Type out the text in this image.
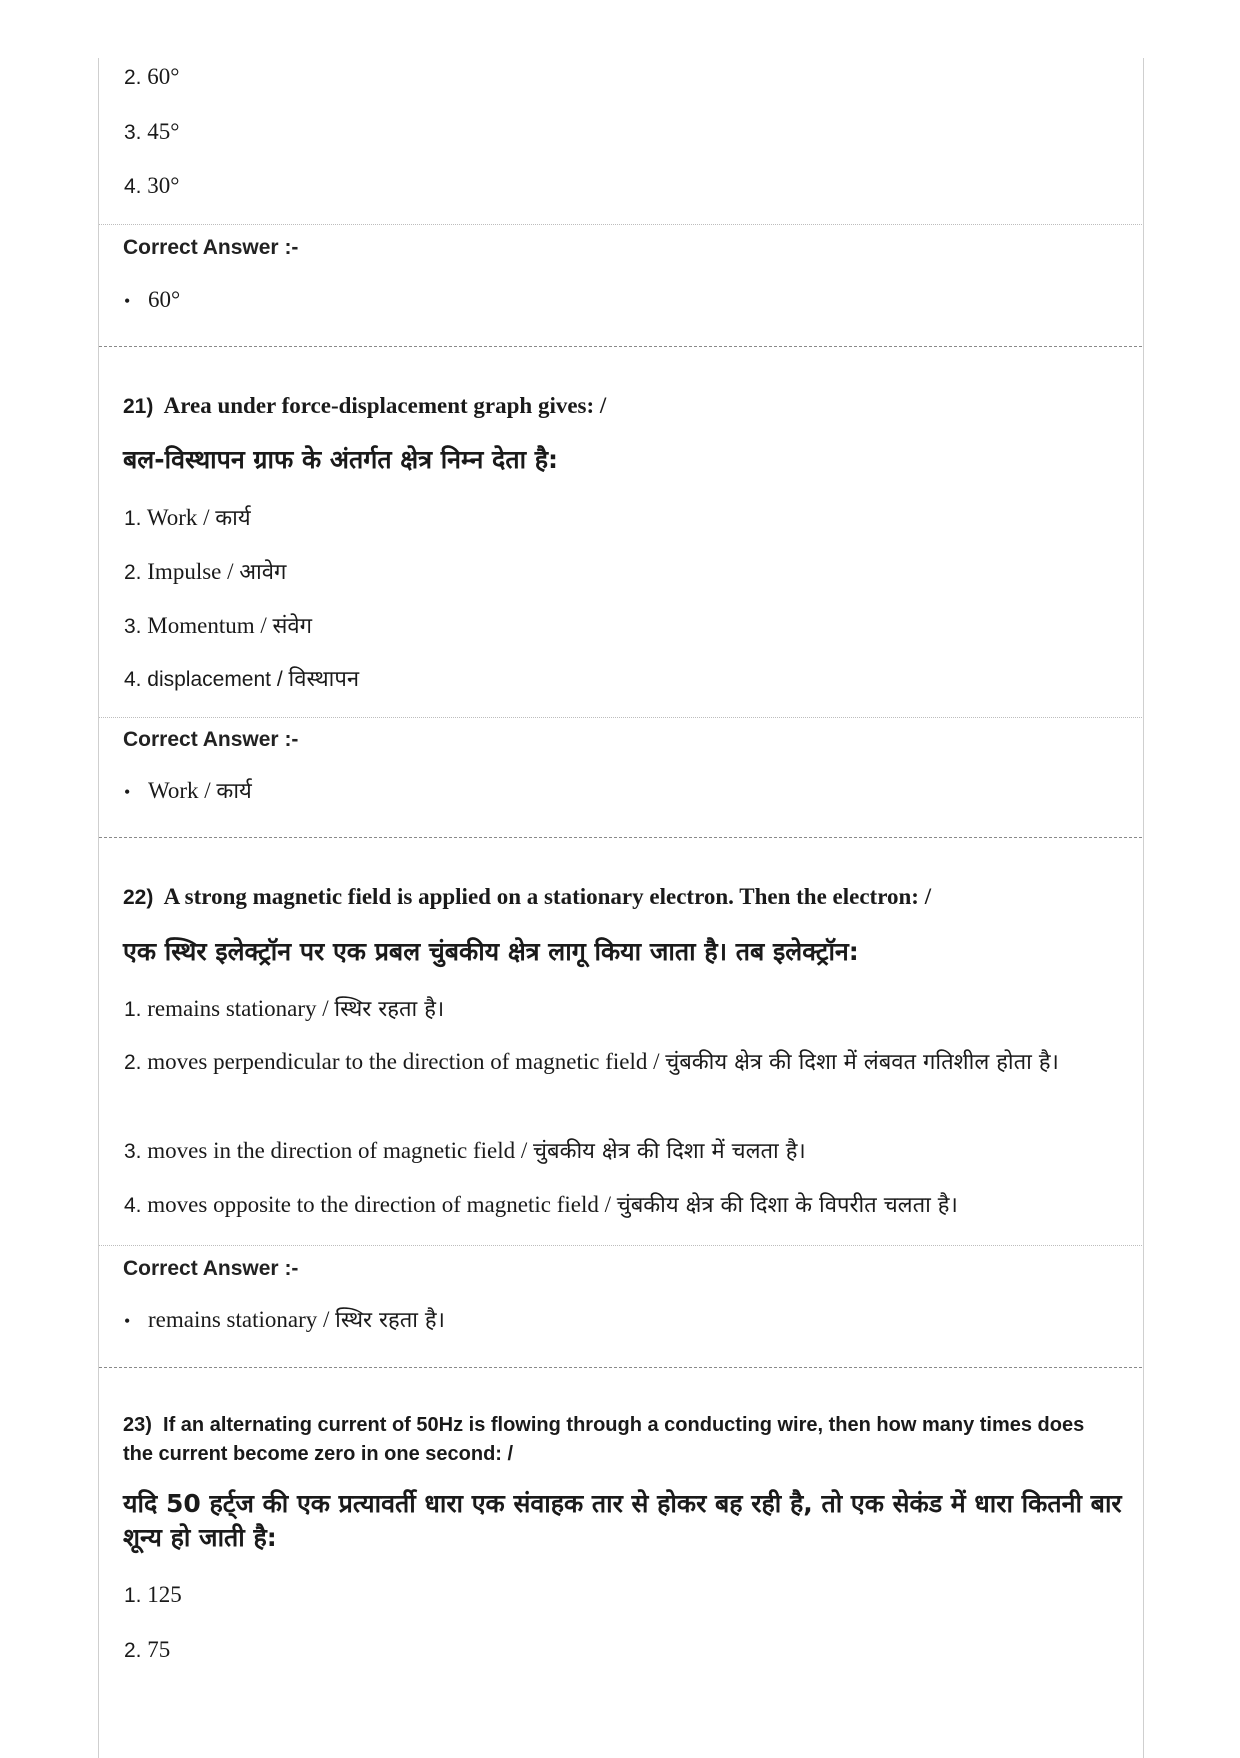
2. 60°
3. 45°
4. 30°
Correct Answer :-
• 60°
21) Area under force-displacement graph gives: /
बल-विस्थापन ग्राफ के अंतर्गत क्षेत्र निम्न देता है:
1. Work / कार्य
2. Impulse / आवेग
3. Momentum / संवेग
4. displacement / विस्थापन
Correct Answer :-
• Work / कार्य
22) A strong magnetic field is applied on a stationary electron. Then the electron: /
एक स्थिर इलेक्ट्रॉन पर एक प्रबल चुंबकीय क्षेत्र लागू किया जाता है। तब इलेक्ट्रॉन:
1. remains stationary / स्थिर रहता है।
2. moves perpendicular to the direction of magnetic field / चुंबकीय क्षेत्र की दिशा में लंबवत गतिशील होता है।
3. moves in the direction of magnetic field / चुंबकीय क्षेत्र की दिशा में चलता है।
4. moves opposite to the direction of magnetic field / चुंबकीय क्षेत्र की दिशा के विपरीत चलता है।
Correct Answer :-
• remains stationary / स्थिर रहता है।
23) If an alternating current of 50Hz is flowing through a conducting wire, then how many times does the current become zero in one second: /
यदि 50 हर्ट्ज की एक प्रत्यावर्ती धारा एक संवाहक तार से होकर बह रही है, तो एक सेकंड में धारा कितनी बार शून्य हो जाती है:
1. 125
2. 75
